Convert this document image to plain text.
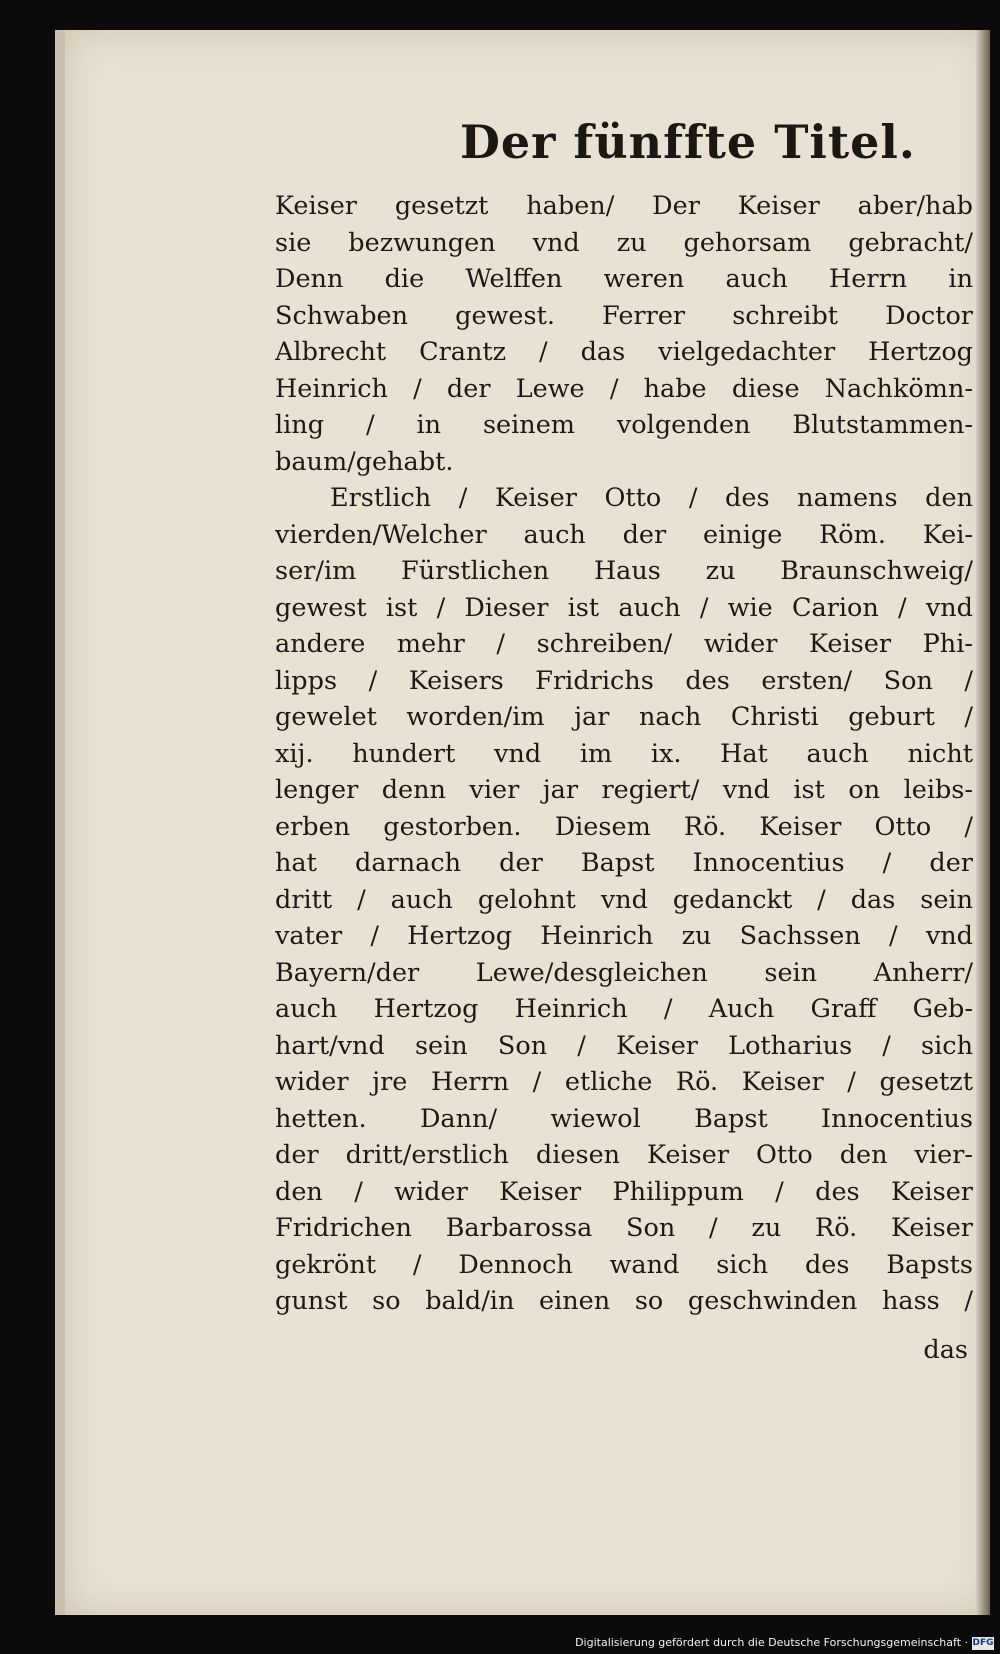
Der fünffte Titel.
Keiser gesetzt haben/ Der Keiser aber/hab
sie bezwungen vnd zu gehorsam gebracht/
Denn die Welffen weren auch Herrn in
Schwaben gewest. Ferrer schreibt Doctor
Albrecht Crantz / das vielgedachter Hertzog
Heinrich / der Lewe / habe diese Nachkömn-
ling / in seinem volgenden Blutstammen-
baum/gehabt.
Erstlich / Keiser Otto / des namens den
vierden/Welcher auch der einige Röm. Kei-
ser/im Fürstlichen Haus zu Braunschweig/
gewest ist / Dieser ist auch / wie Carion / vnd
andere mehr / schreiben/ wider Keiser Phi-
lipps / Keisers Fridrichs des ersten/ Son /
gewelet worden/im jar nach Christi geburt /
xij. hundert vnd im ix. Hat auch nicht
lenger denn vier jar regiert/ vnd ist on leibs-
erben gestorben. Diesem Rö. Keiser Otto /
hat darnach der Bapst Innocentius / der
dritt / auch gelohnt vnd gedanckt / das sein
vater / Hertzog Heinrich zu Sachssen / vnd
Bayern/der Lewe/desgleichen sein Anherr/
auch Hertzog Heinrich / Auch Graff Geb-
hart/vnd sein Son / Keiser Lotharius / sich
wider jre Herrn / etliche Rö. Keiser / gesetzt
hetten. Dann/ wiewol Bapst Innocentius
der dritt/erstlich diesen Keiser Otto den vier-
den / wider Keiser Philippum / des Keiser
Fridrichen Barbarossa Son / zu Rö. Keiser
gekrönt / Dennoch wand sich des Bapsts
gunst so bald/in einen so geschwinden hass /
das
Digitalisierung gefördert durch die Deutsche Forschungsgemeinschaft · DFG
